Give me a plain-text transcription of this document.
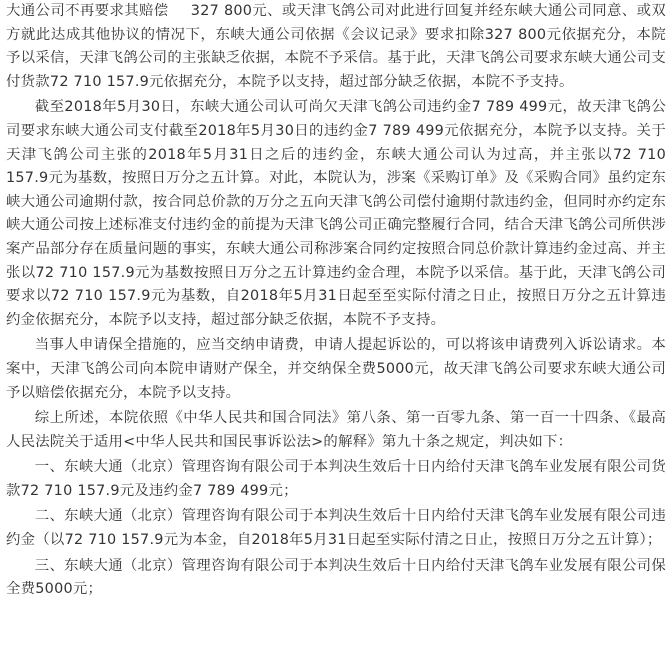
大通公司不再要求其赔偿　 327 800元、或天津飞鸽公司对此进行回复并经东峡大通公司同意、或双方就此达成其他协议的情况下，东峡大通公司依据《会议记录》要求扣除327 800元依据充分，本院予以采信，天津飞鸽公司的主张缺乏依据，本院不予采信。基于此，天津飞鸽公司要求东峡大通公司支付货款72 710 157.9元依据充分，本院予以支持，超过部分缺乏依据，本院不予支持。

截至2018年5月30日，东峡大通公司认可尚欠天津飞鸽公司违约金7 789 499元，故天津飞鸽公司要求东峡大通公司支付截至2018年5月30日的违约金7 789 499元依据充分，本院予以支持。关于天津飞鸽公司主张的2018年5月31日之后的违约金，东峡大通公司认为过高，并主张以72 710 157.9元为基数，按照日万分之五计算。对此，本院认为，涉案《采购订单》及《采购合同》虽约定东峡大通公司逾期付款，按合同总价款的万分之五向天津飞鸽公司偿付逾期付款违约金，但同时亦约定东峡大通公司按上述标准支付违约金的前提为天津飞鸽公司正确完整履行合同，结合天津飞鸽公司所供涉案产品部分存在质量问题的事实，东峡大通公司称涉案合同约定按照合同总价款计算违约金过高、并主张以72 710 157.9元为基数按照日万分之五计算违约金合理，本院予以采信。基于此，天津飞鸽公司要求以72 710 157.9元为基数，自2018年5月31日起至至实际付清之日止，按照日万分之五计算违约金依据充分，本院予以支持，超过部分缺乏依据，本院不予支持。

当事人申请保全措施的，应当交纳申请费，申请人提起诉讼的，可以将该申请费列入诉讼请求。本案中，天津飞鸽公司向本院申请财产保全，并交纳保全费5000元，故天津飞鸽公司要求东峡大通公司予以赔偿依据充分，本院予以支持。

综上所述，本院依照《中华人民共和国合同法》第八条、第一百零九条、第一百一十四条、《最高人民法院关于适用<中华人民共和国民事诉讼法>的解释》第九十条之规定，判决如下：

一、东峡大通（北京）管理咨询有限公司于本判决生效后十日内给付天津飞鸽车业发展有限公司货款72 710 157.9元及违约金7 789 499元；

二、东峡大通（北京）管理咨询有限公司于本判决生效后十日内给付天津飞鸽车业发展有限公司违约金（以72 710 157.9元为本金，自2018年5月31日起至实际付清之日止，按照日万分之五计算）；

三、东峡大通（北京）管理咨询有限公司于本判决生效后十日内给付天津飞鸽车业发展有限公司保全费5000元；
